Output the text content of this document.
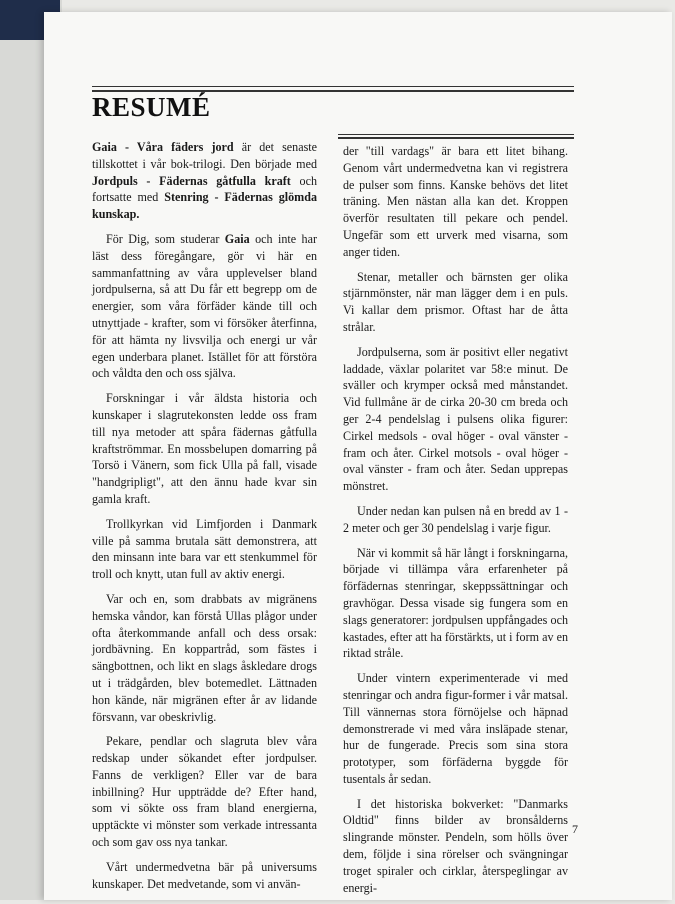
RESUMÉ

Gaia - Våra fäders jord är det senaste tillskottet i vår bok-trilogi. Den började med Jordpuls - Fädernas gåtfulla kraft och fortsatte med Stenring - Fädernas glömda kunskap.

För Dig, som studerar Gaia och inte har läst dess föregångare, gör vi här en sammanfattning av våra upplevelser bland jordpulserna, så att Du får ett begrepp om de energier, som våra förfäder kände till och utnyttjade - krafter, som vi försöker återfinna, för att hämta ny livsvilja och energi ur vår egen underbara planet. Istället för att förstöra och våldta den och oss själva.

Forskningar i vår äldsta historia och kunskaper i slagrutekonsten ledde oss fram till nya metoder att spåra fädernas gåtfulla kraftströmmar. En mossbelupen domarring på Torsö i Vänern, som fick Ulla på fall, visade "handgripligt", att den ännu hade kvar sin gamla kraft.

Trollkyrkan vid Limfjorden i Danmark ville på samma brutala sätt demonstrera, att den minsann inte bara var ett stenkummel för troll och knytt, utan full av aktiv energi.

Var och en, som drabbats av migränens hemska våndor, kan förstå Ullas plågor under ofta återkommande anfall och dess orsak: jordbävning. En koppartråd, som fästes i sängbottnen, och likt en slags åskledare drogs ut i trädgården, blev botemedlet. Lättnaden hon kände, när migränen efter år av lidande försvann, var obeskrivlig.

Pekare, pendlar och slagruta blev våra redskap under sökandet efter jordpulser. Fanns de verkligen? Eller var de bara inbillning? Hur uppträdde de? Efter hand, som vi sökte oss fram bland energierna, upptäckte vi mönster som verkade intressanta och som gav oss nya tankar.

Vårt undermedvetna bär på universums kunskaper. Det medvetande, som vi använ-

der "till vardags" är bara ett litet bihang. Genom vårt undermedvetna kan vi registrera de pulser som finns. Kanske behövs det litet träning. Men nästan alla kan det. Kroppen överför resultaten till pekare och pendel. Ungefär som ett urverk med visarna, som anger tiden.

Stenar, metaller och bärnsten ger olika stjärnmönster, när man lägger dem i en puls. Vi kallar dem prismor. Oftast har de åtta strålar.

Jordpulserna, som är positivt eller negativt laddade, växlar polaritet var 58:e minut. De sväller och krymper också med månstandet. Vid fullmåne är de cirka 20-30 cm breda och ger 2-4 pendelslag i pulsens olika figurer: Cirkel medsols - oval höger - oval vänster - fram och åter. Cirkel motsols - oval höger - oval vänster - fram och åter. Sedan upprepas mönstret.

Under nedan kan pulsen nå en bredd av 1 - 2 meter och ger 30 pendelslag i varje figur.

När vi kommit så här långt i forskningarna, började vi tillämpa våra erfarenheter på förfädernas stenringar, skeppssättningar och gravhögar. Dessa visade sig fungera som en slags generatorer: jordpulsen uppfångades och kastades, efter att ha förstärkts, ut i form av en riktad stråle.

Under vintern experimenterade vi med stenringar och andra figur-former i vår matsal. Till vännernas stora förnöjelse och häpnad demonstrerade vi med våra insläpade stenar, hur de fungerade. Precis som sina stora prototyper, som förfäderna byggde för tusentals år sedan.

I det historiska bokverket: "Danmarks Oldtid" finns bilder av bronsålderns slingrande mönster. Pendeln, som hölls över dem, följde i sina rörelser och svängningar troget spiraler och cirklar, återspeglingar av energi-

7
